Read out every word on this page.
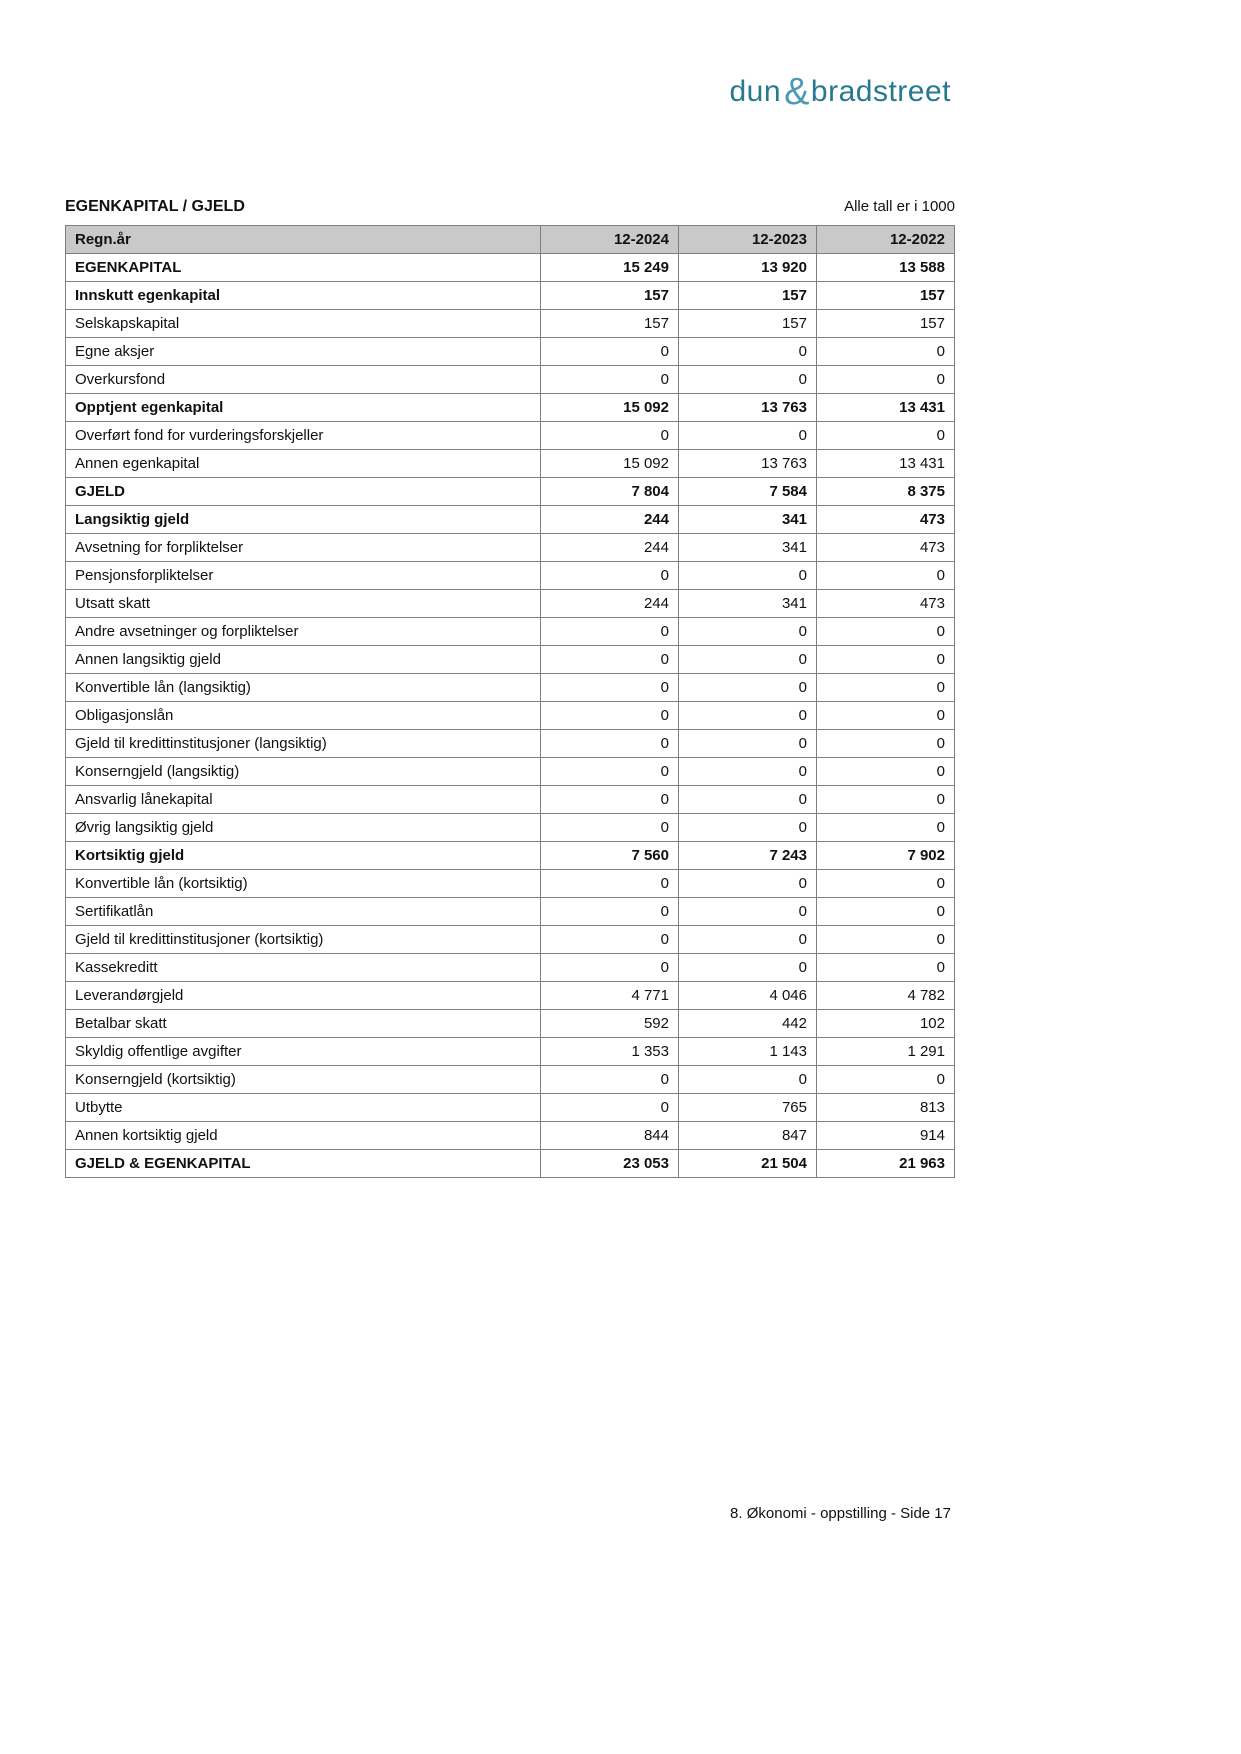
dun&bradstreet
EGENKAPITAL / GJELD	Alle tall er i 1000
Regn.år	12-2024	12-2023	12-2022
EGENKAPITAL	15 249	13 920	13 588
Innskutt egenkapital	157	157	157
Selskapskapital	157	157	157
Egne aksjer	0	0	0
Overkursfond	0	0	0
Opptjent egenkapital	15 092	13 763	13 431
Overført fond for vurderingsforskjeller	0	0	0
Annen egenkapital	15 092	13 763	13 431
GJELD	7 804	7 584	8 375
Langsiktig gjeld	244	341	473
Avsetning for forpliktelser	244	341	473
Pensjonsforpliktelser	0	0	0
Utsatt skatt	244	341	473
Andre avsetninger og forpliktelser	0	0	0
Annen langsiktig gjeld	0	0	0
Konvertible lån (langsiktig)	0	0	0
Obligasjonslån	0	0	0
Gjeld til kredittinstitusjoner (langsiktig)	0	0	0
Konserngjeld (langsiktig)	0	0	0
Ansvarlig lånekapital	0	0	0
Øvrig langsiktig gjeld	0	0	0
Kortsiktig gjeld	7 560	7 243	7 902
Konvertible lån (kortsiktig)	0	0	0
Sertifikatlån	0	0	0
Gjeld til kredittinstitusjoner (kortsiktig)	0	0	0
Kassekreditt	0	0	0
Leverandørgjeld	4 771	4 046	4 782
Betalbar skatt	592	442	102
Skyldig offentlige avgifter	1 353	1 143	1 291
Konserngjeld (kortsiktig)	0	0	0
Utbytte	0	765	813
Annen kortsiktig gjeld	844	847	914
GJELD & EGENKAPITAL	23 053	21 504	21 963
8. Økonomi - oppstilling - Side 17
